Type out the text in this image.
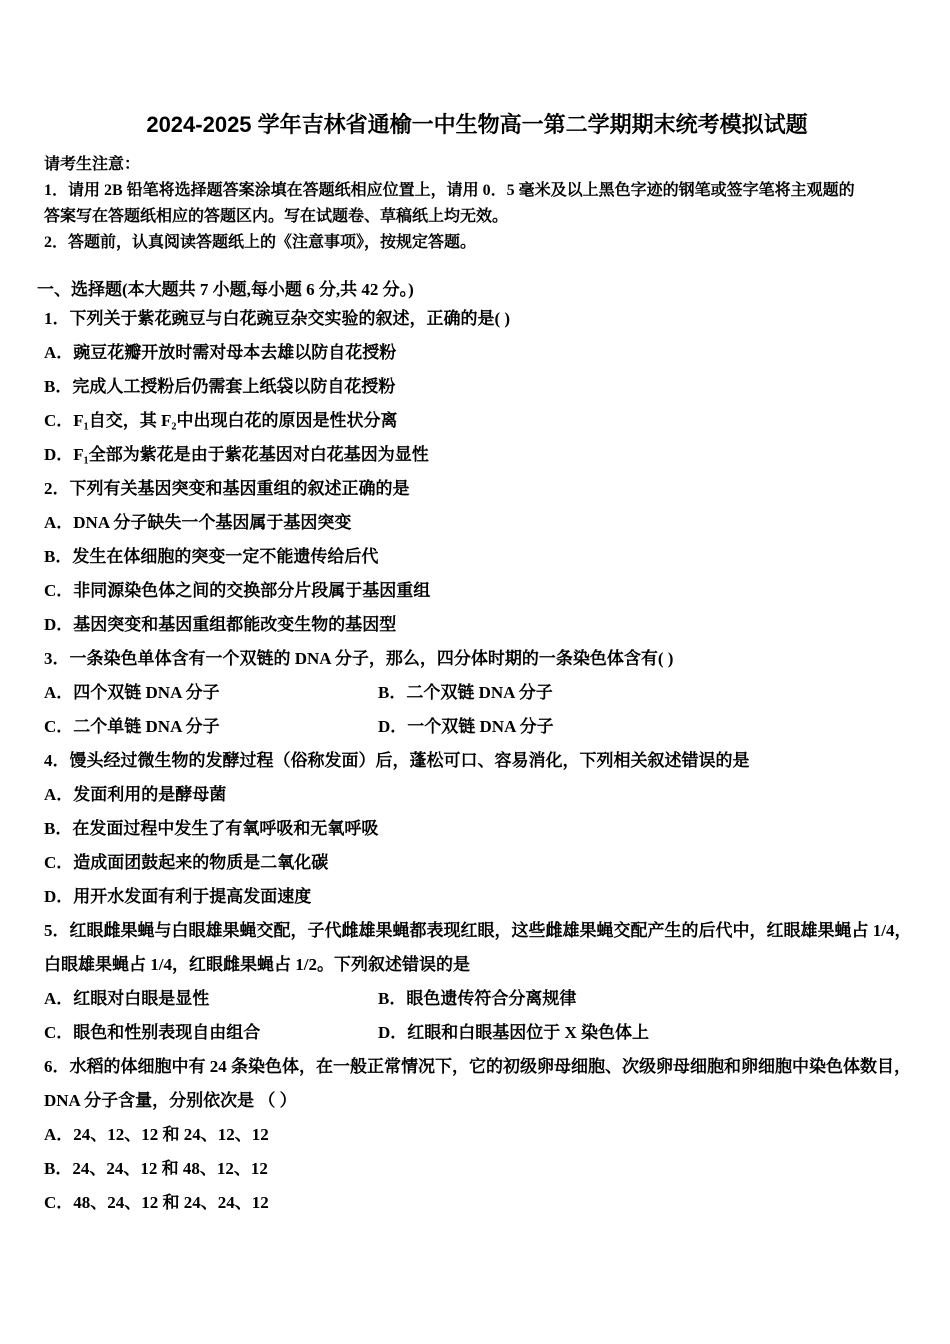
2024-2025 学年吉林省通榆一中生物高一第二学期期末统考模拟试题
请考生注意：
1．请用 2B 铅笔将选择题答案涂填在答题纸相应位置上，请用 0．5 毫米及以上黑色字迹的钢笔或签字笔将主观题的
答案写在答题纸相应的答题区内。写在试题卷、草稿纸上均无效。
2．答题前，认真阅读答题纸上的《注意事项》，按规定答题。
一、选择题(本大题共 7 小题,每小题 6 分,共 42 分。)
1．下列关于紫花豌豆与白花豌豆杂交实验的叙述，正确的是( )
A．豌豆花瓣开放时需对母本去雄以防自花授粉
B．完成人工授粉后仍需套上纸袋以防自花授粉
C．F₁自交，其 F₂中出现白花的原因是性状分离
D．F₁全部为紫花是由于紫花基因对白花基因为显性
2．下列有关基因突变和基因重组的叙述正确的是
A．DNA 分子缺失一个基因属于基因突变
B．发生在体细胞的突变一定不能遗传给后代
C．非同源染色体之间的交换部分片段属于基因重组
D．基因突变和基因重组都能改变生物的基因型
3．一条染色单体含有一个双链的 DNA 分子，那么，四分体时期的一条染色体含有( )
A．四个双链 DNA 分子	B．二个双链 DNA 分子
C．二个单链 DNA 分子	D．一个双链 DNA 分子
4．馒头经过微生物的发酵过程（俗称发面）后，蓬松可口、容易消化，下列相关叙述错误的是
A．发面利用的是酵母菌
B．在发面过程中发生了有氧呼吸和无氧呼吸
C．造成面团鼓起来的物质是二氧化碳
D．用开水发面有利于提高发面速度
5．红眼雌果蝇与白眼雄果蝇交配，子代雌雄果蝇都表现红眼，这些雌雄果蝇交配产生的后代中，红眼雄果蝇占 1/4，
白眼雄果蝇占 1/4，红眼雌果蝇占 1/2。下列叙述错误的是
A．红眼对白眼是显性	B．眼色遗传符合分离规律
C．眼色和性别表现自由组合	D．红眼和白眼基因位于 X 染色体上
6．水稻的体细胞中有 24 条染色体，在一般正常情况下，它的初级卵母细胞、次级卵母细胞和卵细胞中染色体数目，
DNA 分子含量，分别依次是 （ ）
A．24、12、12 和 24、12、12
B．24、24、12 和 48、12、12
C．48、24、12 和 24、24、12
